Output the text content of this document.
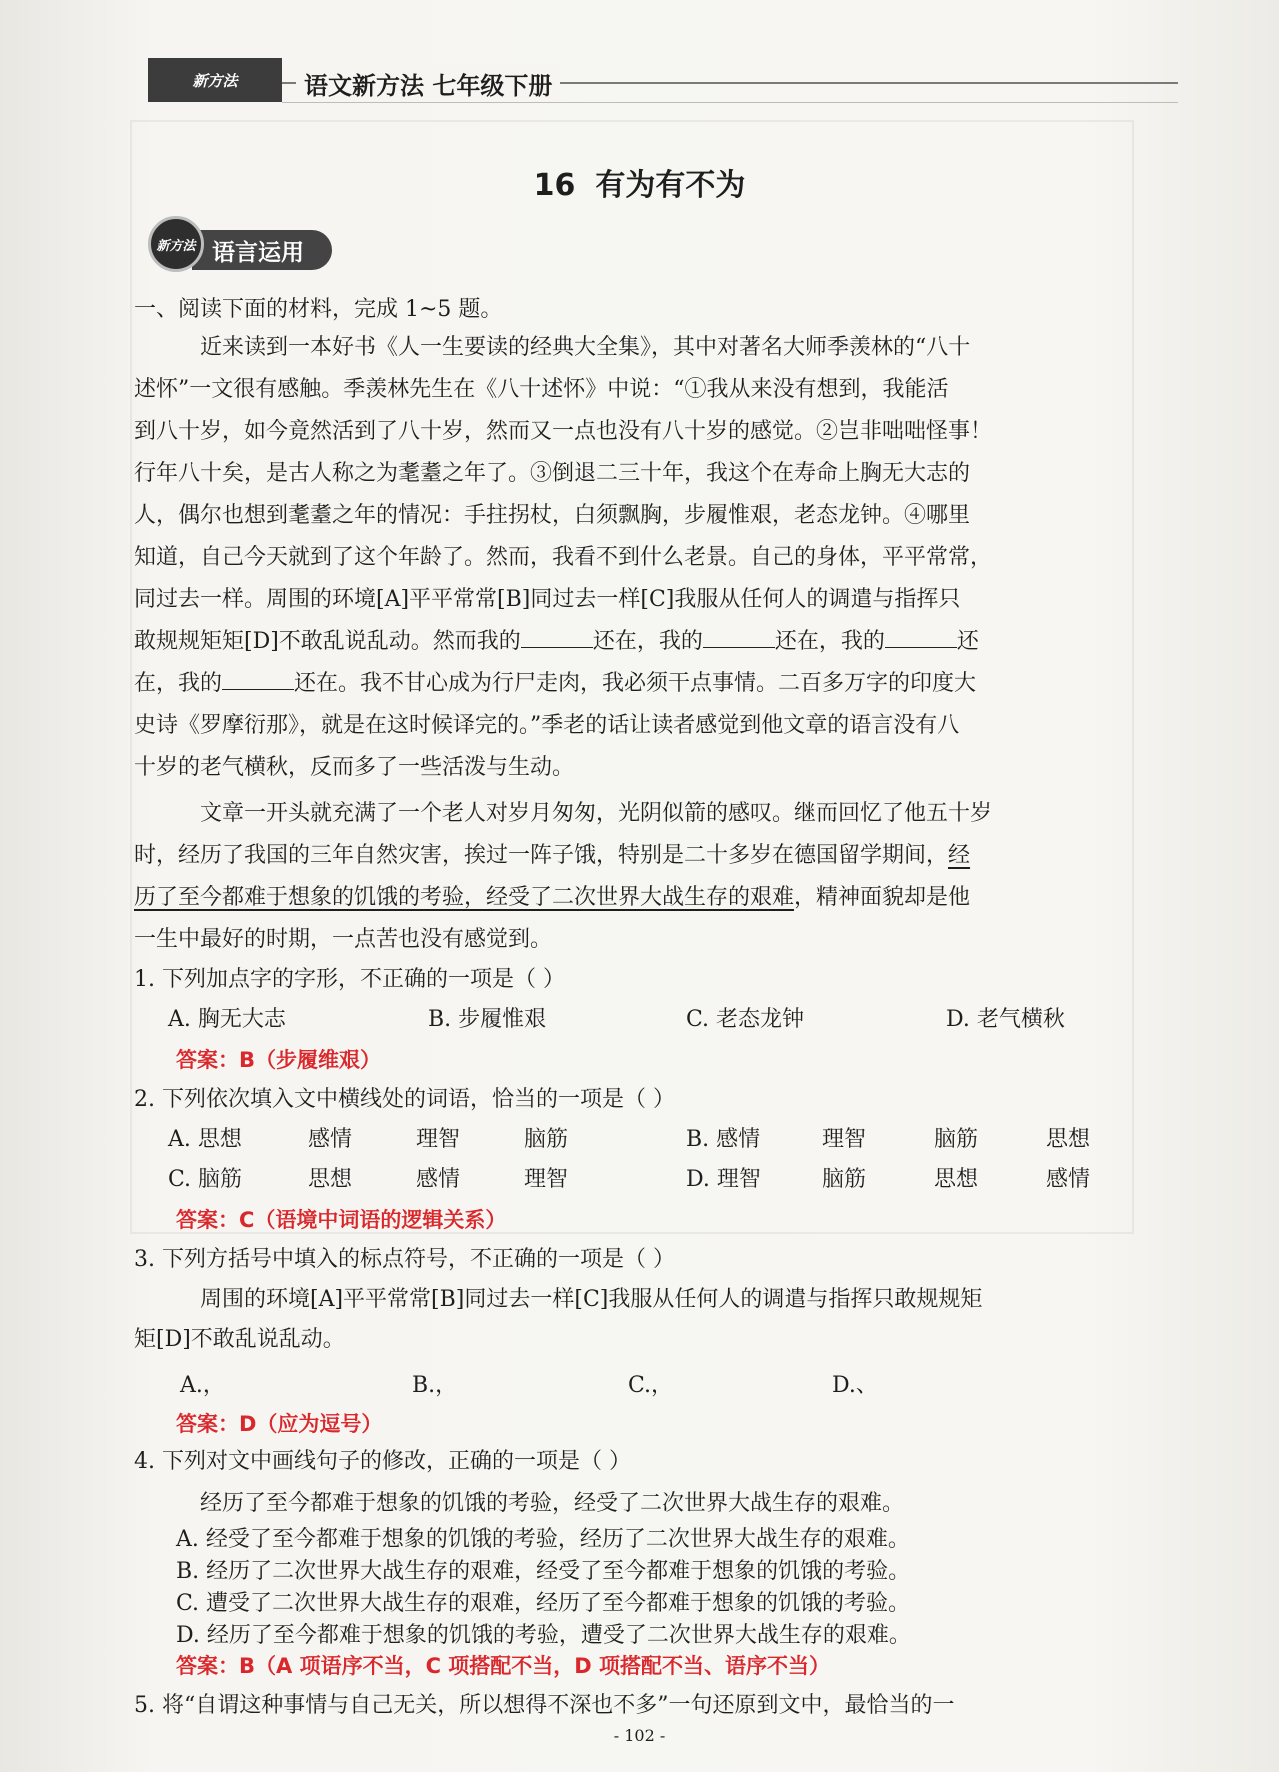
新方法	语文新方法 七年级下册
16 有为有不为
语言运用
新方法
一、阅读下面的材料，完成 1~5 题。
近来读到一本好书《人一生要读的经典大全集》，其中对著名大师季羡林的“八十
述怀”一文很有感触。季羡林先生在《八十述怀》中说：“①我从来没有想到，我能活
到八十岁，如今竟然活到了八十岁，然而又一点也没有八十岁的感觉。②岂非咄咄怪事！
行年八十矣，是古人称之为耄耋之年了。③倒退二三十年，我这个在寿命上胸无大志的
人，偶尔也想到耄耋之年的情况：手拄拐杖，白须飘胸，步履惟艰，老态龙钟。④哪里
知道，自己今天就到了这个年龄了。然而，我看不到什么老景。自己的身体，平平常常，
同过去一样。周围的环境[A]平平常常[B]同过去一样[C]我服从任何人的调遣与指挥只
敢规规矩矩[D]不敢乱说乱动。然而我的	还在，我的	还在，我的	还
在，我的	还在。我不甘心成为行尸走肉，我必须干点事情。二百多万字的印度大
史诗《罗摩衍那》，就是在这时候译完的。”季老的话让读者感觉到他文章的语言没有八
十岁的老气横秋，反而多了一些活泼与生动。
文章一开头就充满了一个老人对岁月匆匆，光阴似箭的感叹。继而回忆了他五十岁
时，经历了我国的三年自然灾害，挨过一阵子饿，特别是二十多岁在德国留学期间，经
历了至今都难于想象的饥饿的考验，经受了二次世界大战生存的艰难，精神面貌却是他
一生中最好的时期，一点苦也没有感觉到。
1. 下列加点字的字形，不正确的一项是（ ）
A. 胸无大志	B. 步履惟艰	C. 老态龙钟	D. 老气横秋
答案：B（步履维艰）
2. 下列依次填入文中横线处的词语，恰当的一项是（ ）
A. 思想	感情	理智	脑筋	B. 感情	理智	脑筋	思想
C. 脑筋	思想	感情	理智	D. 理智	脑筋	思想	感情
答案：C（语境中词语的逻辑关系）
3. 下列方括号中填入的标点符号，不正确的一项是（ ）
周围的环境[A]平平常常[B]同过去一样[C]我服从任何人的调遣与指挥只敢规规矩
矩[D]不敢乱说乱动。
A.，	B.，	C.，	D.、
答案：D（应为逗号）
4. 下列对文中画线句子的修改，正确的一项是（ ）
经历了至今都难于想象的饥饿的考验，经受了二次世界大战生存的艰难。
A. 经受了至今都难于想象的饥饿的考验，经历了二次世界大战生存的艰难。
B. 经历了二次世界大战生存的艰难，经受了至今都难于想象的饥饿的考验。
C. 遭受了二次世界大战生存的艰难，经历了至今都难于想象的饥饿的考验。
D. 经历了至今都难于想象的饥饿的考验，遭受了二次世界大战生存的艰难。
答案：B（A 项语序不当，C 项搭配不当，D 项搭配不当、语序不当）
- 102 -
5. 将“自谓这种事情与自己无关，所以想得不深也不多”一句还原到文中，最恰当的一
